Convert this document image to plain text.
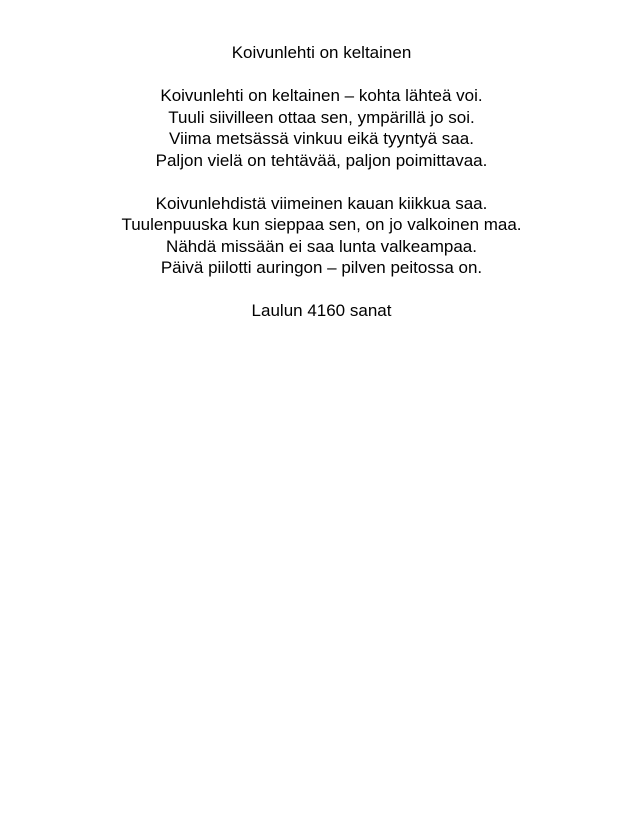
Koivunlehti on keltainen
Koivunlehti on keltainen – kohta lähteä voi.
Tuuli siivilleen ottaa sen, ympärillä jo soi.
Viima metsässä vinkuu eikä tyyntyä saa.
Paljon vielä on tehtävää, paljon poimittavaa.
Koivunlehdistä viimeinen kauan kiikkua saa.
Tuulenpuuska kun sieppaa sen, on jo valkoinen maa.
Nähdä missään ei saa lunta valkeampaa.
Päivä piilotti auringon – pilven peitossa on.
Laulun 4160 sanat
